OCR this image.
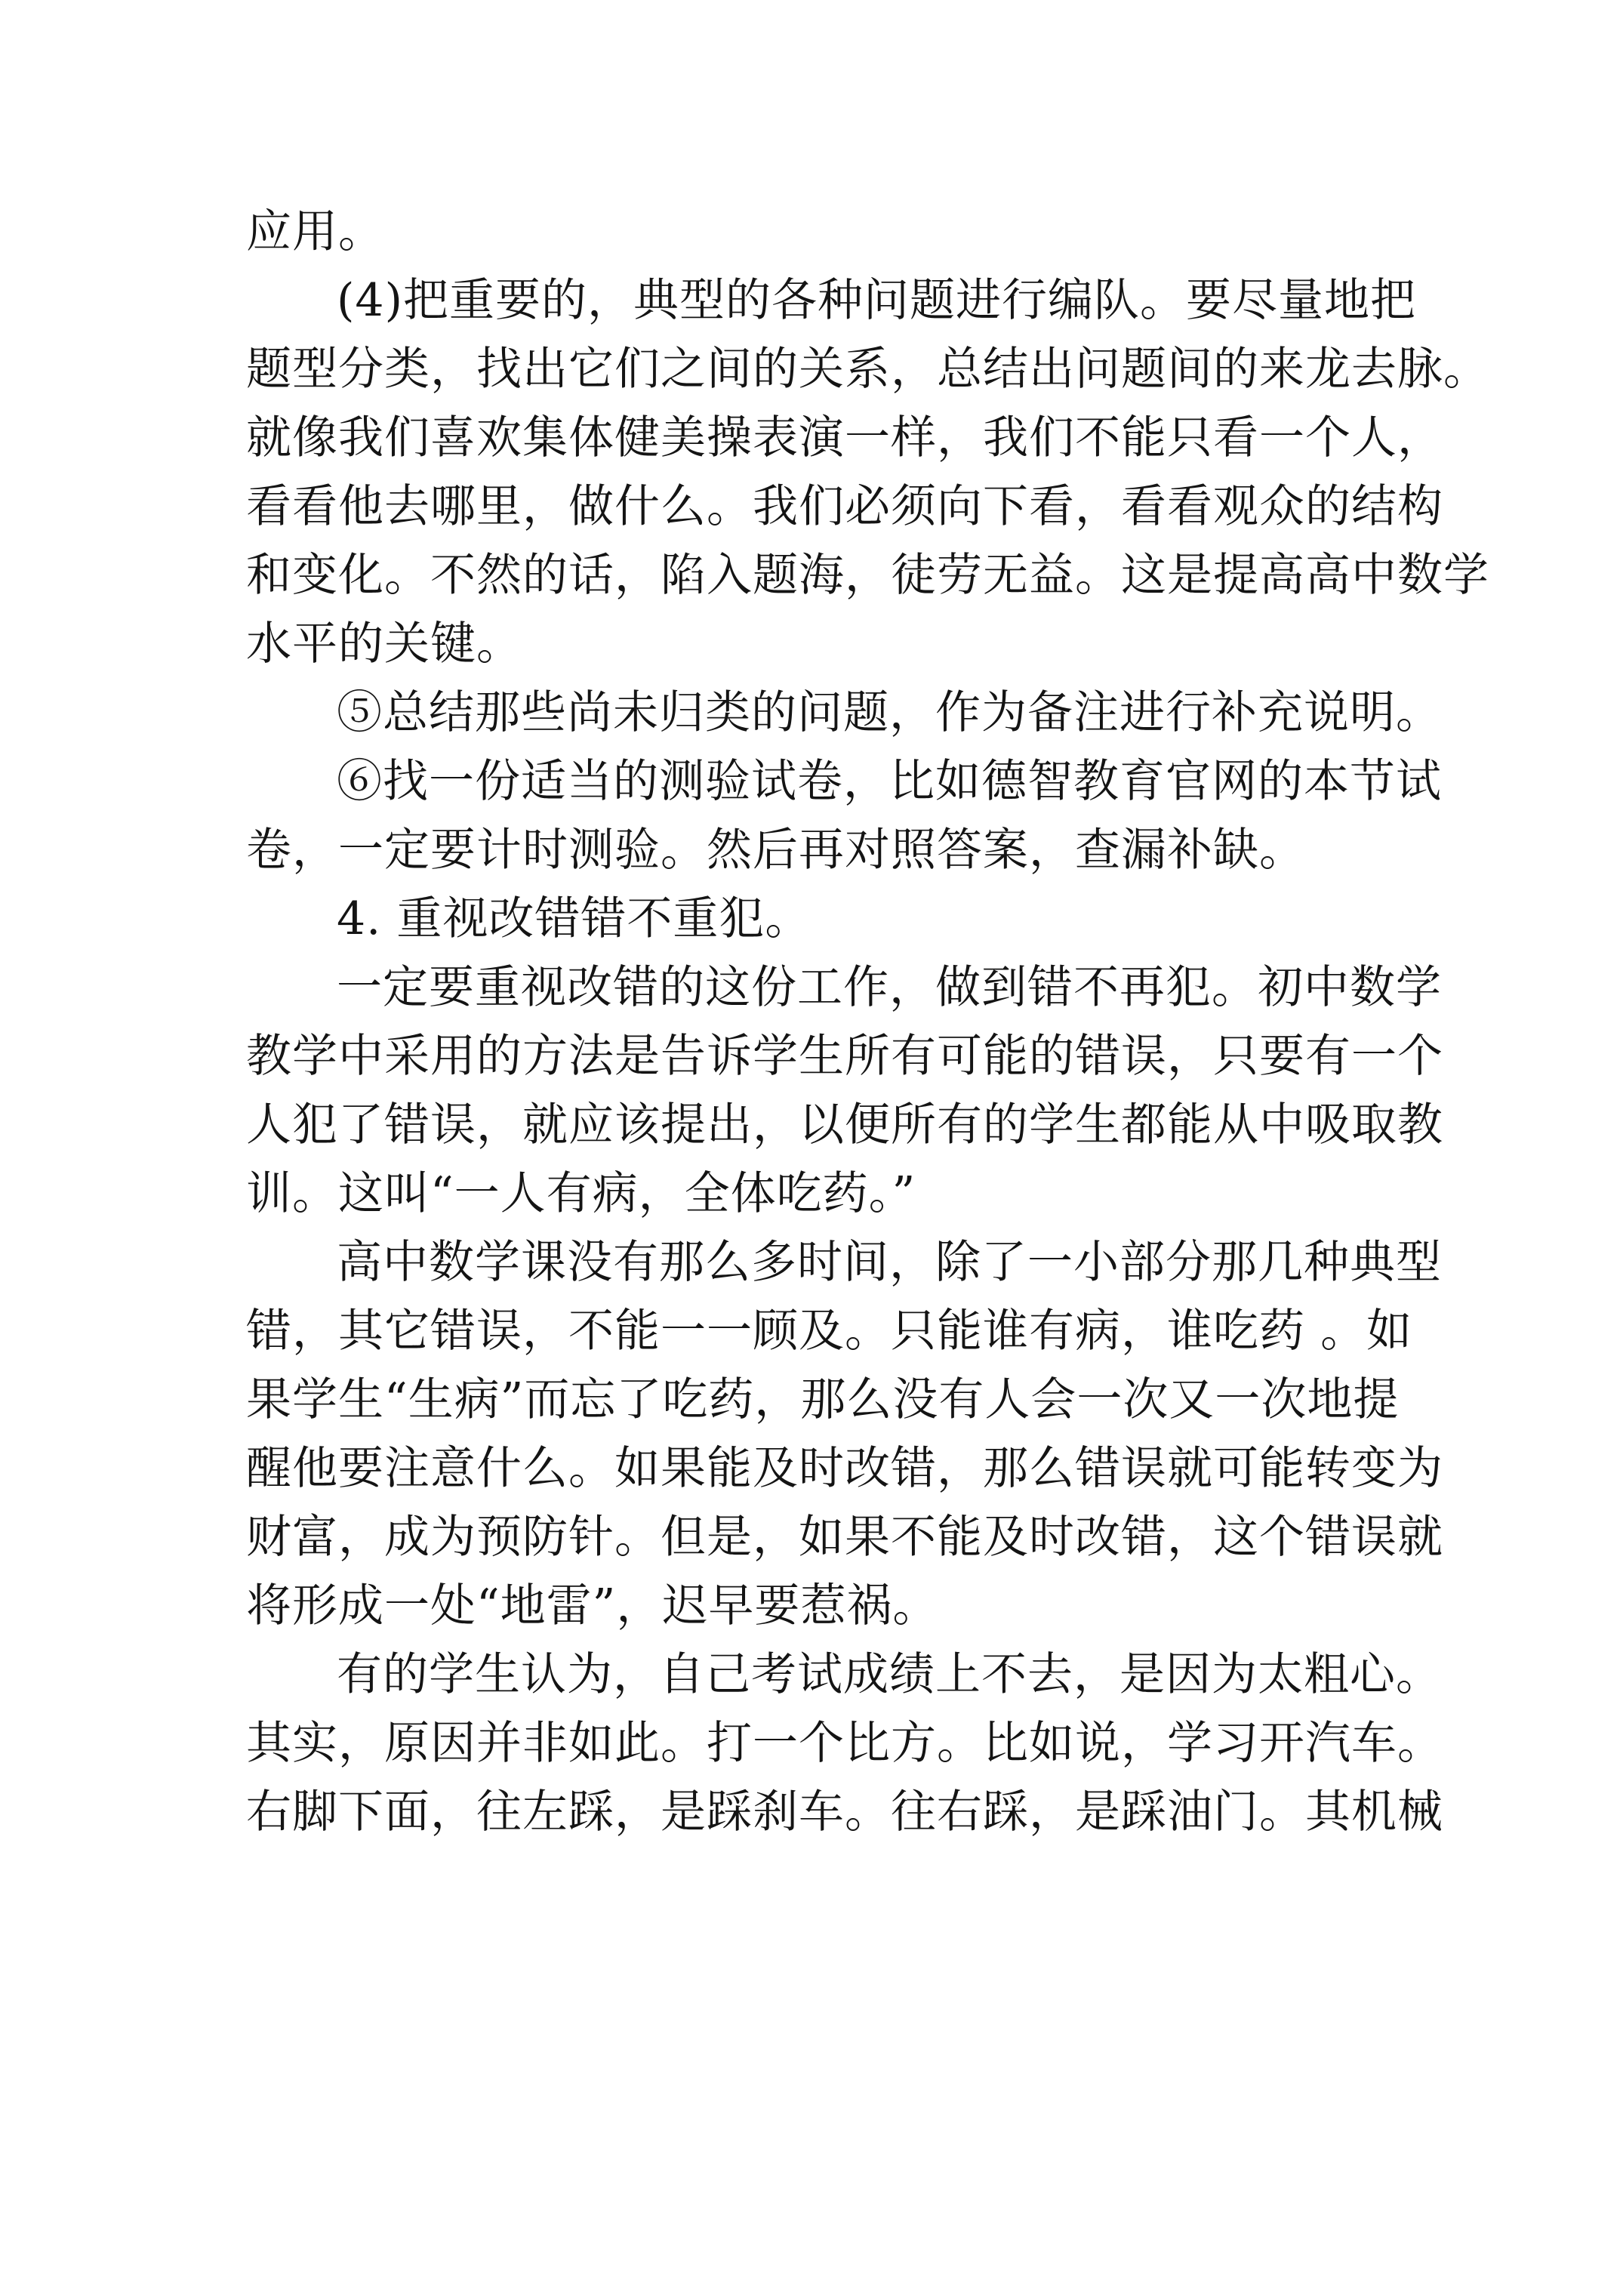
应用。
(4)把重要的，典型的各种问题进行编队。要尽量地把
题型分类，找出它们之间的关系，总结出问题间的来龙去脉。
就像我们喜欢集体健美操表演一样，我们不能只看一个人，
看看他去哪里，做什么。我们必须向下看，看看观众的结构
和变化。不然的话，陷入题海，徒劳无益。这是提高高中数学
水平的关键。
⑤总结那些尚未归类的问题，作为备注进行补充说明。
⑥找一份适当的测验试卷，比如德智教育官网的本节试
卷，一定要计时测验。然后再对照答案，查漏补缺。
4. 重视改错错不重犯。
一定要重视改错的这份工作，做到错不再犯。初中数学
教学中采用的方法是告诉学生所有可能的错误，只要有一个
人犯了错误，就应该提出，以便所有的学生都能从中吸取教
训。这叫“一人有病，全体吃药。”
高中数学课没有那么多时间，除了一小部分那几种典型
错，其它错误，不能一一顾及。只能谁有病，谁吃药 。如
果学生“生病”而忘了吃药，那么没有人会一次又一次地提
醒他要注意什么。如果能及时改错，那么错误就可能转变为
财富，成为预防针。但是，如果不能及时改错，这个错误就
将形成一处“地雷”，迟早要惹祸。
有的学生认为，自己考试成绩上不去，是因为太粗心。
其实，原因并非如此。打一个比方。比如说，学习开汽车。
右脚下面，往左踩，是踩刹车。往右踩，是踩油门。其机械
